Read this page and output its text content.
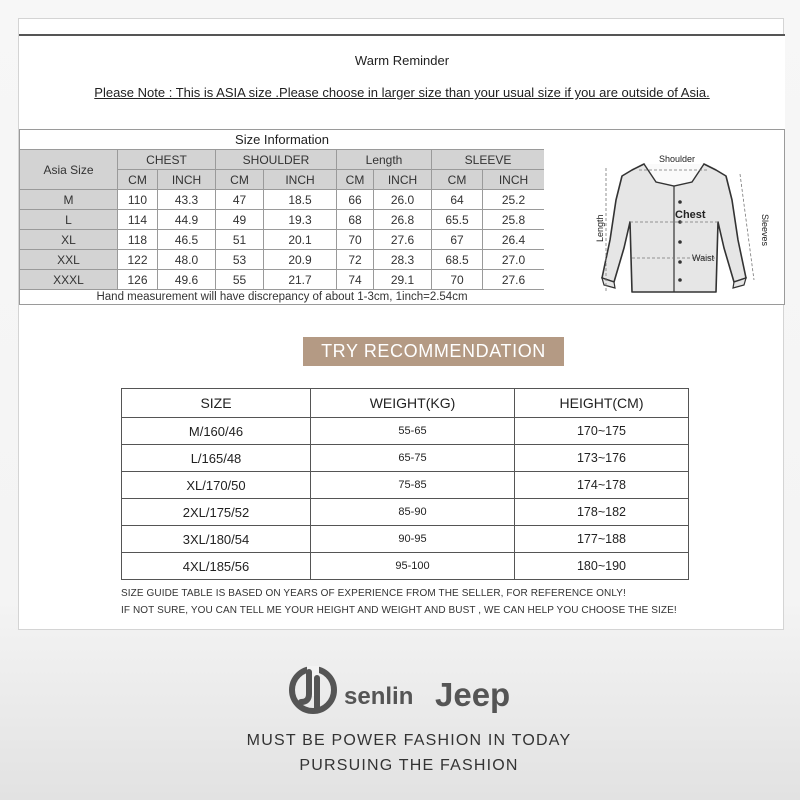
Warm Reminder
Please Note : This is ASIA size .Please choose in larger size than your usual size if you are outside of Asia.
Size Information								
Asia Size	CHEST		SHOULDER		Length		SLEEVE	
	CM	INCH	CM	INCH	CM	INCH	CM	INCH
M	110	43.3	47	18.5	66	26.0	64	25.2
L	114	44.9	49	19.3	68	26.8	65.5	25.8
XL	118	46.5	51	20.1	70	27.6	67	26.4
XXL	122	48.0	53	20.9	72	28.3	68.5	27.0
XXXL	126	49.6	55	21.7	74	29.1	70	27.6
Hand measurement will have discrepancy of about 1-3cm, 1inch=2.54cm								
Shoulder
Chest
Waist
Length	Sleeves
TRY RECOMMENDATION
SIZE	WEIGHT(KG)	HEIGHT(CM)
M/160/46	55-65	170~175
L/165/48	65-75	173~176
XL/170/50	75-85	174~178
2XL/175/52	85-90	178~182
3XL/180/54	90-95	177~188
4XL/185/56	95-100	180~190
SIZE GUIDE TABLE IS BASED ON YEARS OF EXPERIENCE FROM THE SELLER, FOR REFERENCE ONLY!
IF NOT SURE, YOU CAN TELL ME YOUR HEIGHT AND WEIGHT AND BUST , WE CAN HELP YOU CHOOSE THE SIZE!
senlin Jeep
MUST BE POWER FASHION IN TODAY
PURSUING THE FASHION
